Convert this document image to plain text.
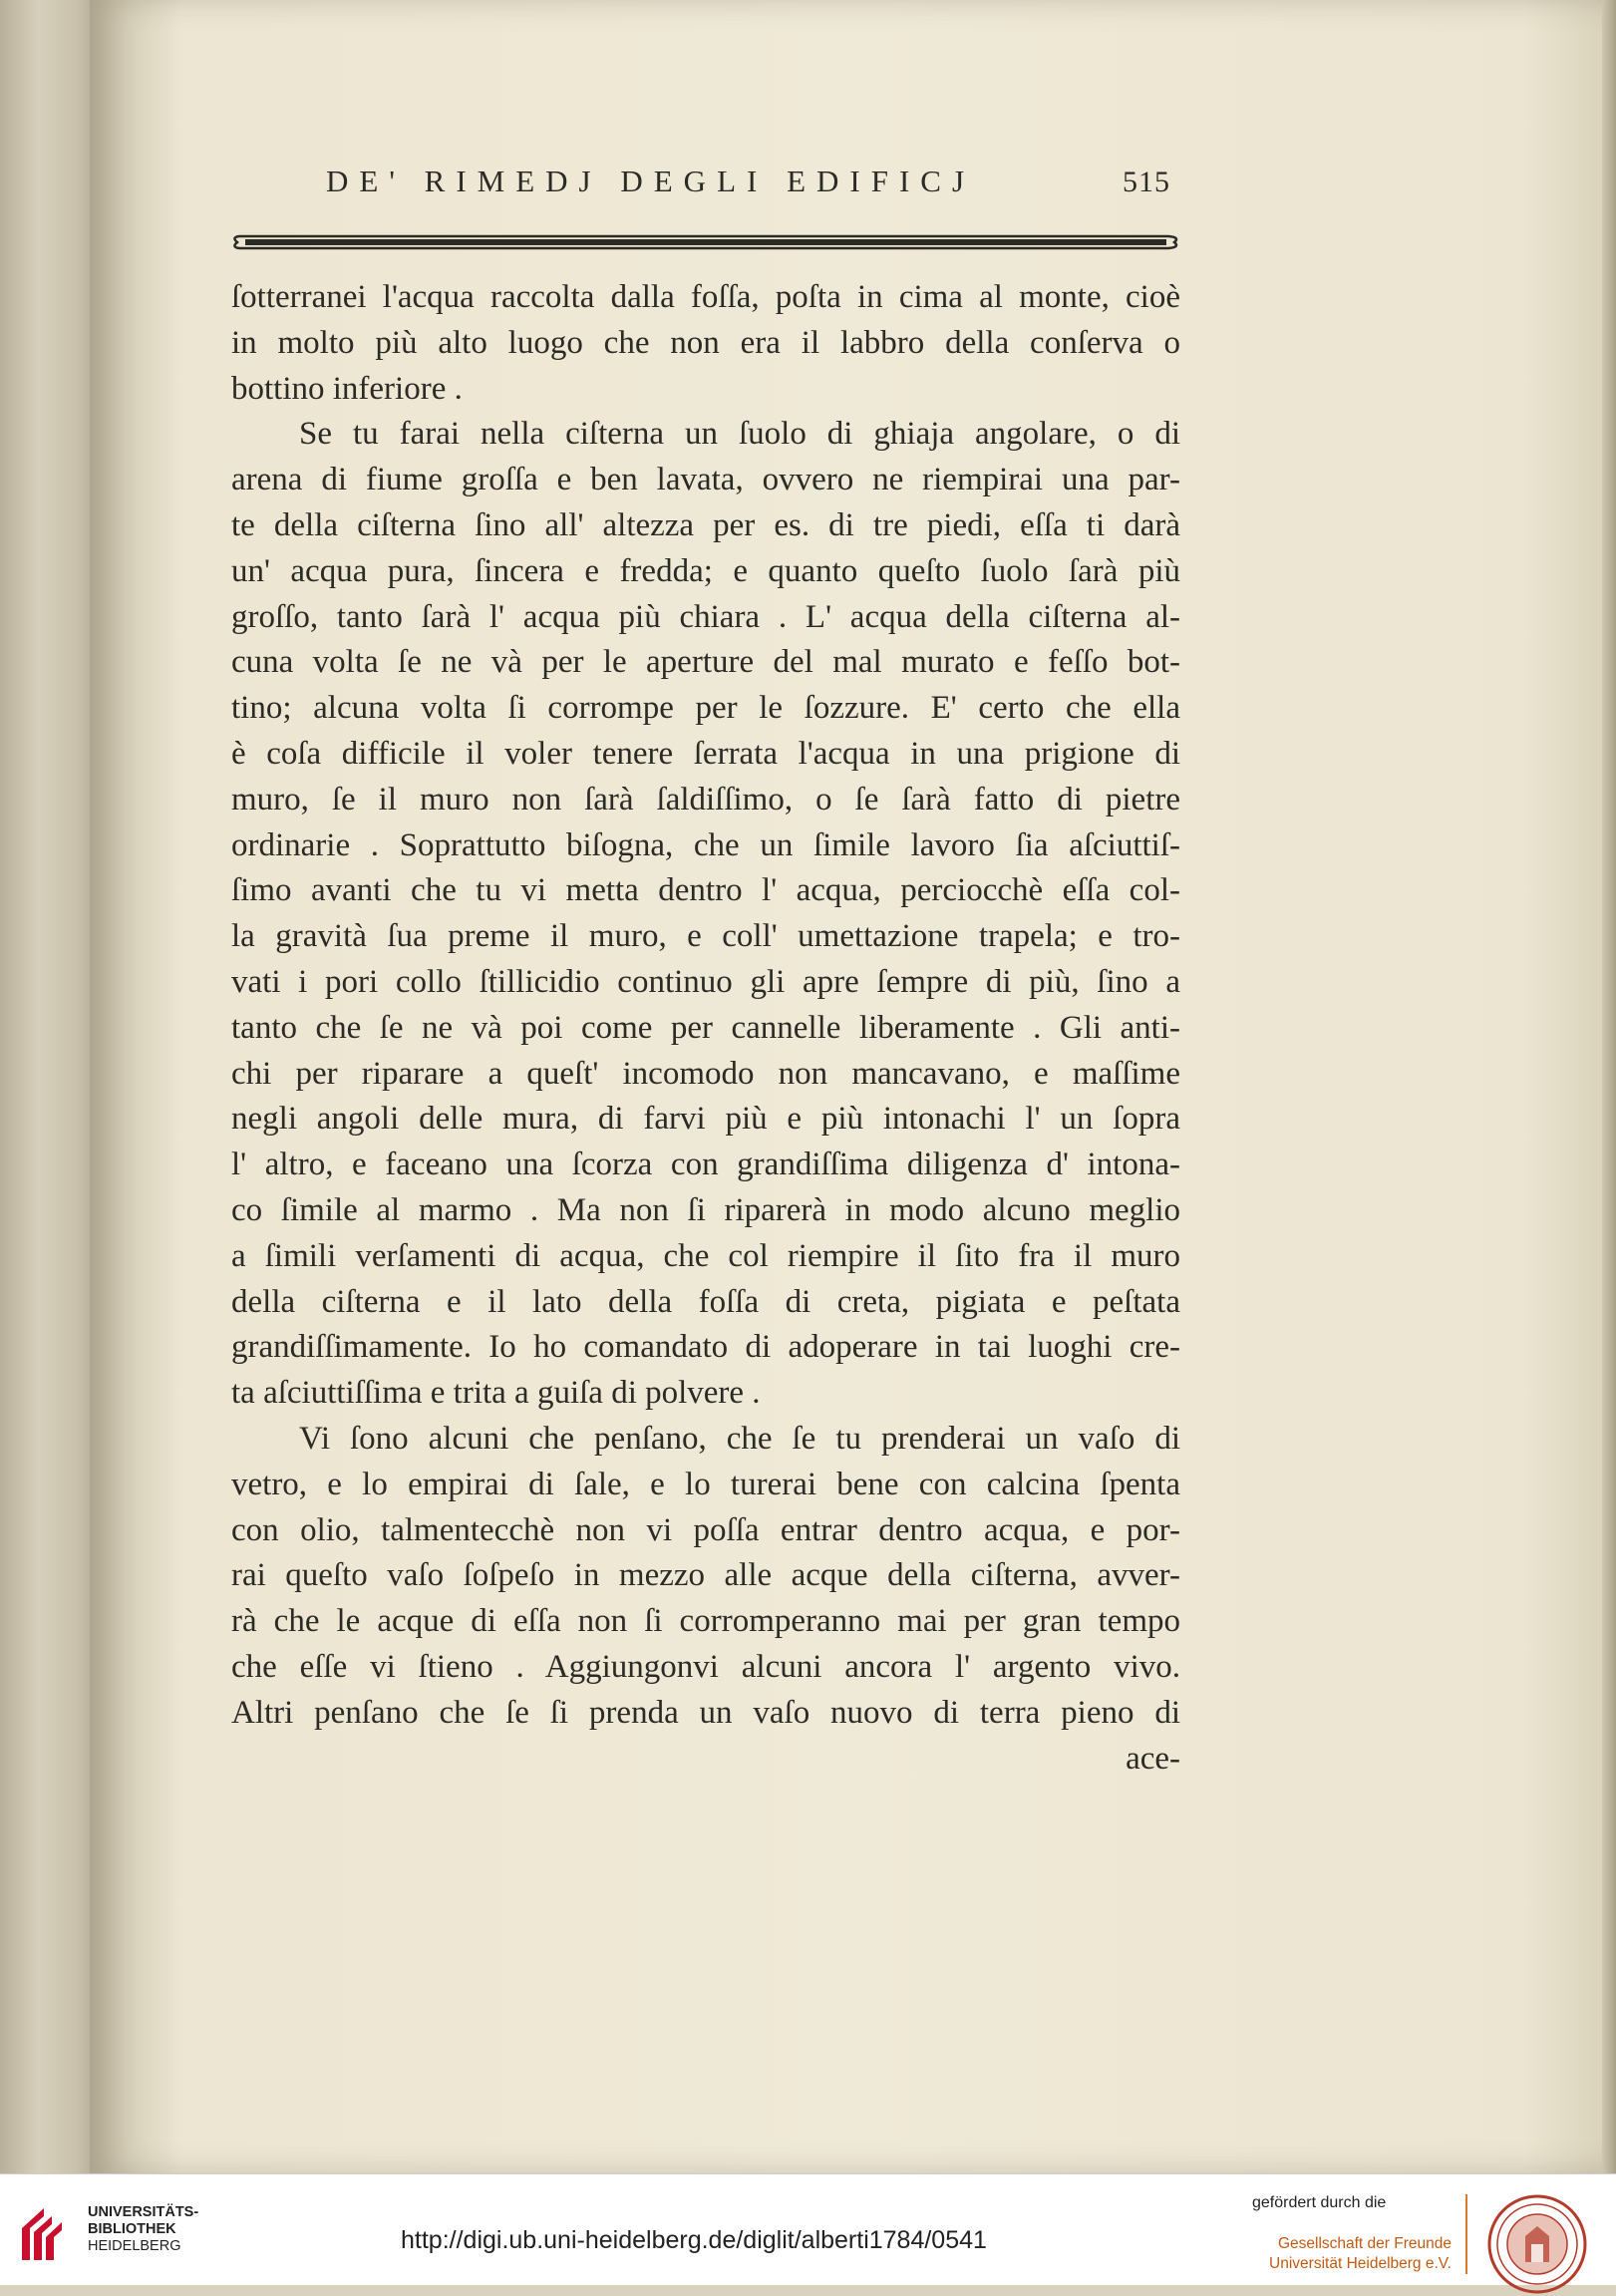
DE' RIMEDJ DEGLI EDIFICJ	515
ſotterranei l'acqua raccolta dalla foſſa, poſta in cima al monte, cioè
in molto più alto luogo che non era il labbro della conſerva o
bottino inferiore .
Se tu farai nella ciſterna un ſuolo di ghiaja angolare, o di
arena di fiume groſſa e ben lavata, ovvero ne riempirai una par-
te della ciſterna ſino all' altezza per es. di tre piedi, eſſa ti darà
un' acqua pura, ſincera e fredda; e quanto queſto ſuolo ſarà più
groſſo, tanto ſarà l' acqua più chiara . L' acqua della ciſterna al-
cuna volta ſe ne và per le aperture del mal murato e feſſo bot-
tino; alcuna volta ſi corrompe per le ſozzure. E' certo che ella
è coſa difficile il voler tenere ſerrata l'acqua in una prigione di
muro, ſe il muro non ſarà ſaldiſſimo, o ſe ſarà fatto di pietre
ordinarie . Soprattutto biſogna, che un ſimile lavoro ſia aſciuttiſ-
ſimo avanti che tu vi metta dentro l' acqua, perciocchè eſſa col-
la gravità ſua preme il muro, e coll' umettazione trapela; e tro-
vati i pori collo ſtillicidio continuo gli apre ſempre di più, ſino a
tanto che ſe ne và poi come per cannelle liberamente . Gli anti-
chi per riparare a queſt' incomodo non mancavano, e maſſime
negli angoli delle mura, di farvi più e più intonachi l' un ſopra
l' altro, e faceano una ſcorza con grandiſſima diligenza d' intona-
co ſimile al marmo . Ma non ſi riparerà in modo alcuno meglio
a ſimili verſamenti di acqua, che col riempire il ſito fra il muro
della ciſterna e il lato della foſſa di creta, pigiata e peſtata
grandiſſimamente. Io ho comandato di adoperare in tai luoghi cre-
ta aſciuttiſſima e trita a guiſa di polvere .
Vi ſono alcuni che penſano, che ſe tu prenderai un vaſo di
vetro, e lo empirai di ſale, e lo turerai bene con calcina ſpenta
con olio, talmentecchè non vi poſſa entrar dentro acqua, e por-
rai queſto vaſo ſoſpeſo in mezzo alle acque della ciſterna, avver-
rà che le acque di eſſa non ſi corromperanno mai per gran tempo
che eſſe vi ſtieno . Aggiungonvi alcuni ancora l' argento vivo.
Altri penſano che ſe ſi prenda un vaſo nuovo di terra pieno di
ace-
UNIVERSITÄTS-
BIBLIOTHEK
HEIDELBERG	http://digi.ub.uni-heidelberg.de/diglit/alberti1784/0541
gefördert durch die
Gesellschaft der Freunde
Universität Heidelberg e.V.
